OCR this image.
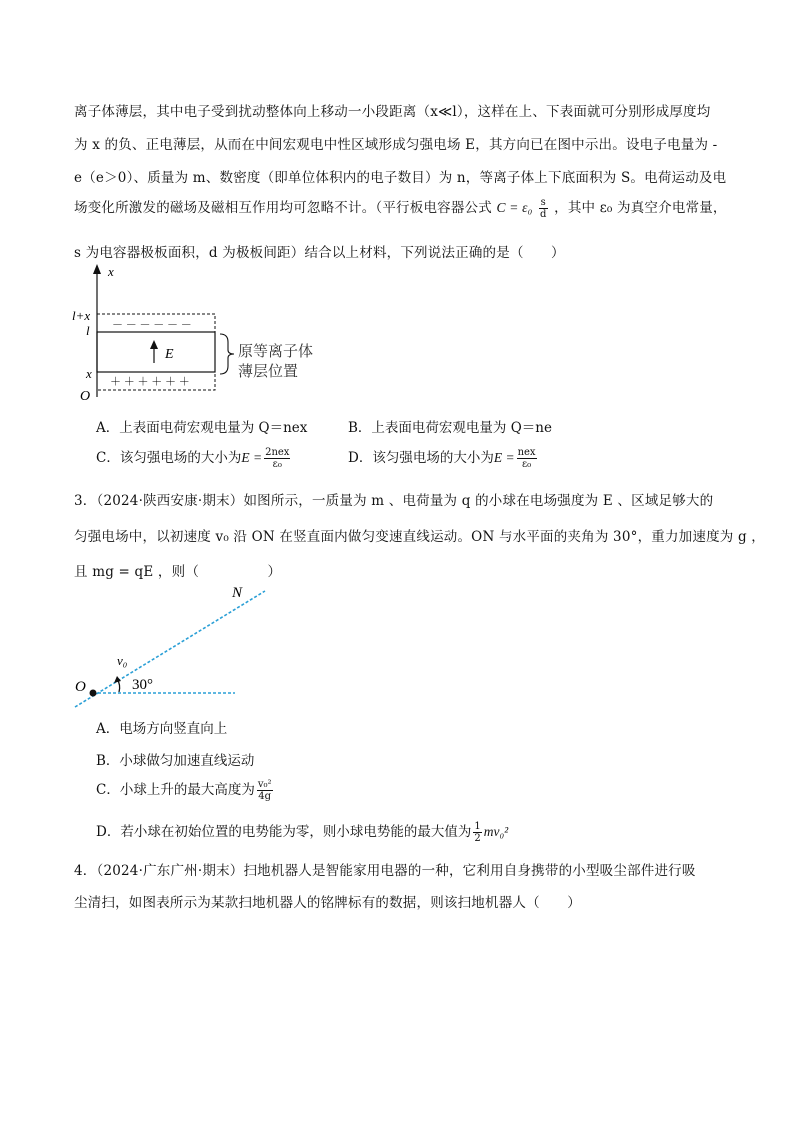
离子体薄层，其中电子受到扰动整体向上移动一小段距离（x≪l），这样在上、下表面就可分别形成厚度均
为 x 的负、正电薄层，从而在中间宏观电中性区域形成匀强电场 E，其方向已在图中示出。设电子电量为 -
e（e＞0）、质量为 m、数密度（即单位体积内的电子数目）为 n，等离子体上下底面积为 S。电荷运动及电
场变化所激发的磁场及磁相互作用均可忽略不计。（平行板电容器公式 $C = \varepsilon_0 \frac{s}{d}$ ，其中 ε₀ 为真空介电常量，
s 为电容器极板面积，d 为极板间距）结合以上材料，下列说法正确的是（　　）
x
l+x
l
x
O
－ － － － － －
＋ ＋ ＋ ＋ ＋ ＋
E	原等离子体
薄层位置
A．上表面电荷宏观电量为 Q＝nex	B．上表面电荷宏观电量为 Q＝ne
C．该匀强电场的大小为$E = \frac{\text{2nex}}{\text{ε₀}}$	D．该匀强电场的大小为$E = \frac{\text{nex}}{\text{ε₀}}$
3．（2024·陕西安康·期末）如图所示，一质量为 m 、电荷量为 q 的小球在电场强度为 E 、区域足够大的
匀强电场中，以初速度 v₀ 沿 ON 在竖直面内做匀变速直线运动。ON 与水平面的夹角为 30°，重力加速度为 g ，
且 mg = qE ，则（　　　　　）
N
O
v₀
30°
A．电场方向竖直向上
B．小球做匀加速直线运动
C．小球上升的最大高度为 $\frac{\text{v₀²}}{4g}$
D．若小球在初始位置的电势能为零，则小球电势能的最大值为 $\frac{1}{2} mv_0^2$
4．（2024·广东广州·期末）扫地机器人是智能家用电器的一种，它利用自身携带的小型吸尘部件进行吸
尘清扫，如图表所示为某款扫地机器人的铭牌标有的数据，则该扫地机器人（　　）
